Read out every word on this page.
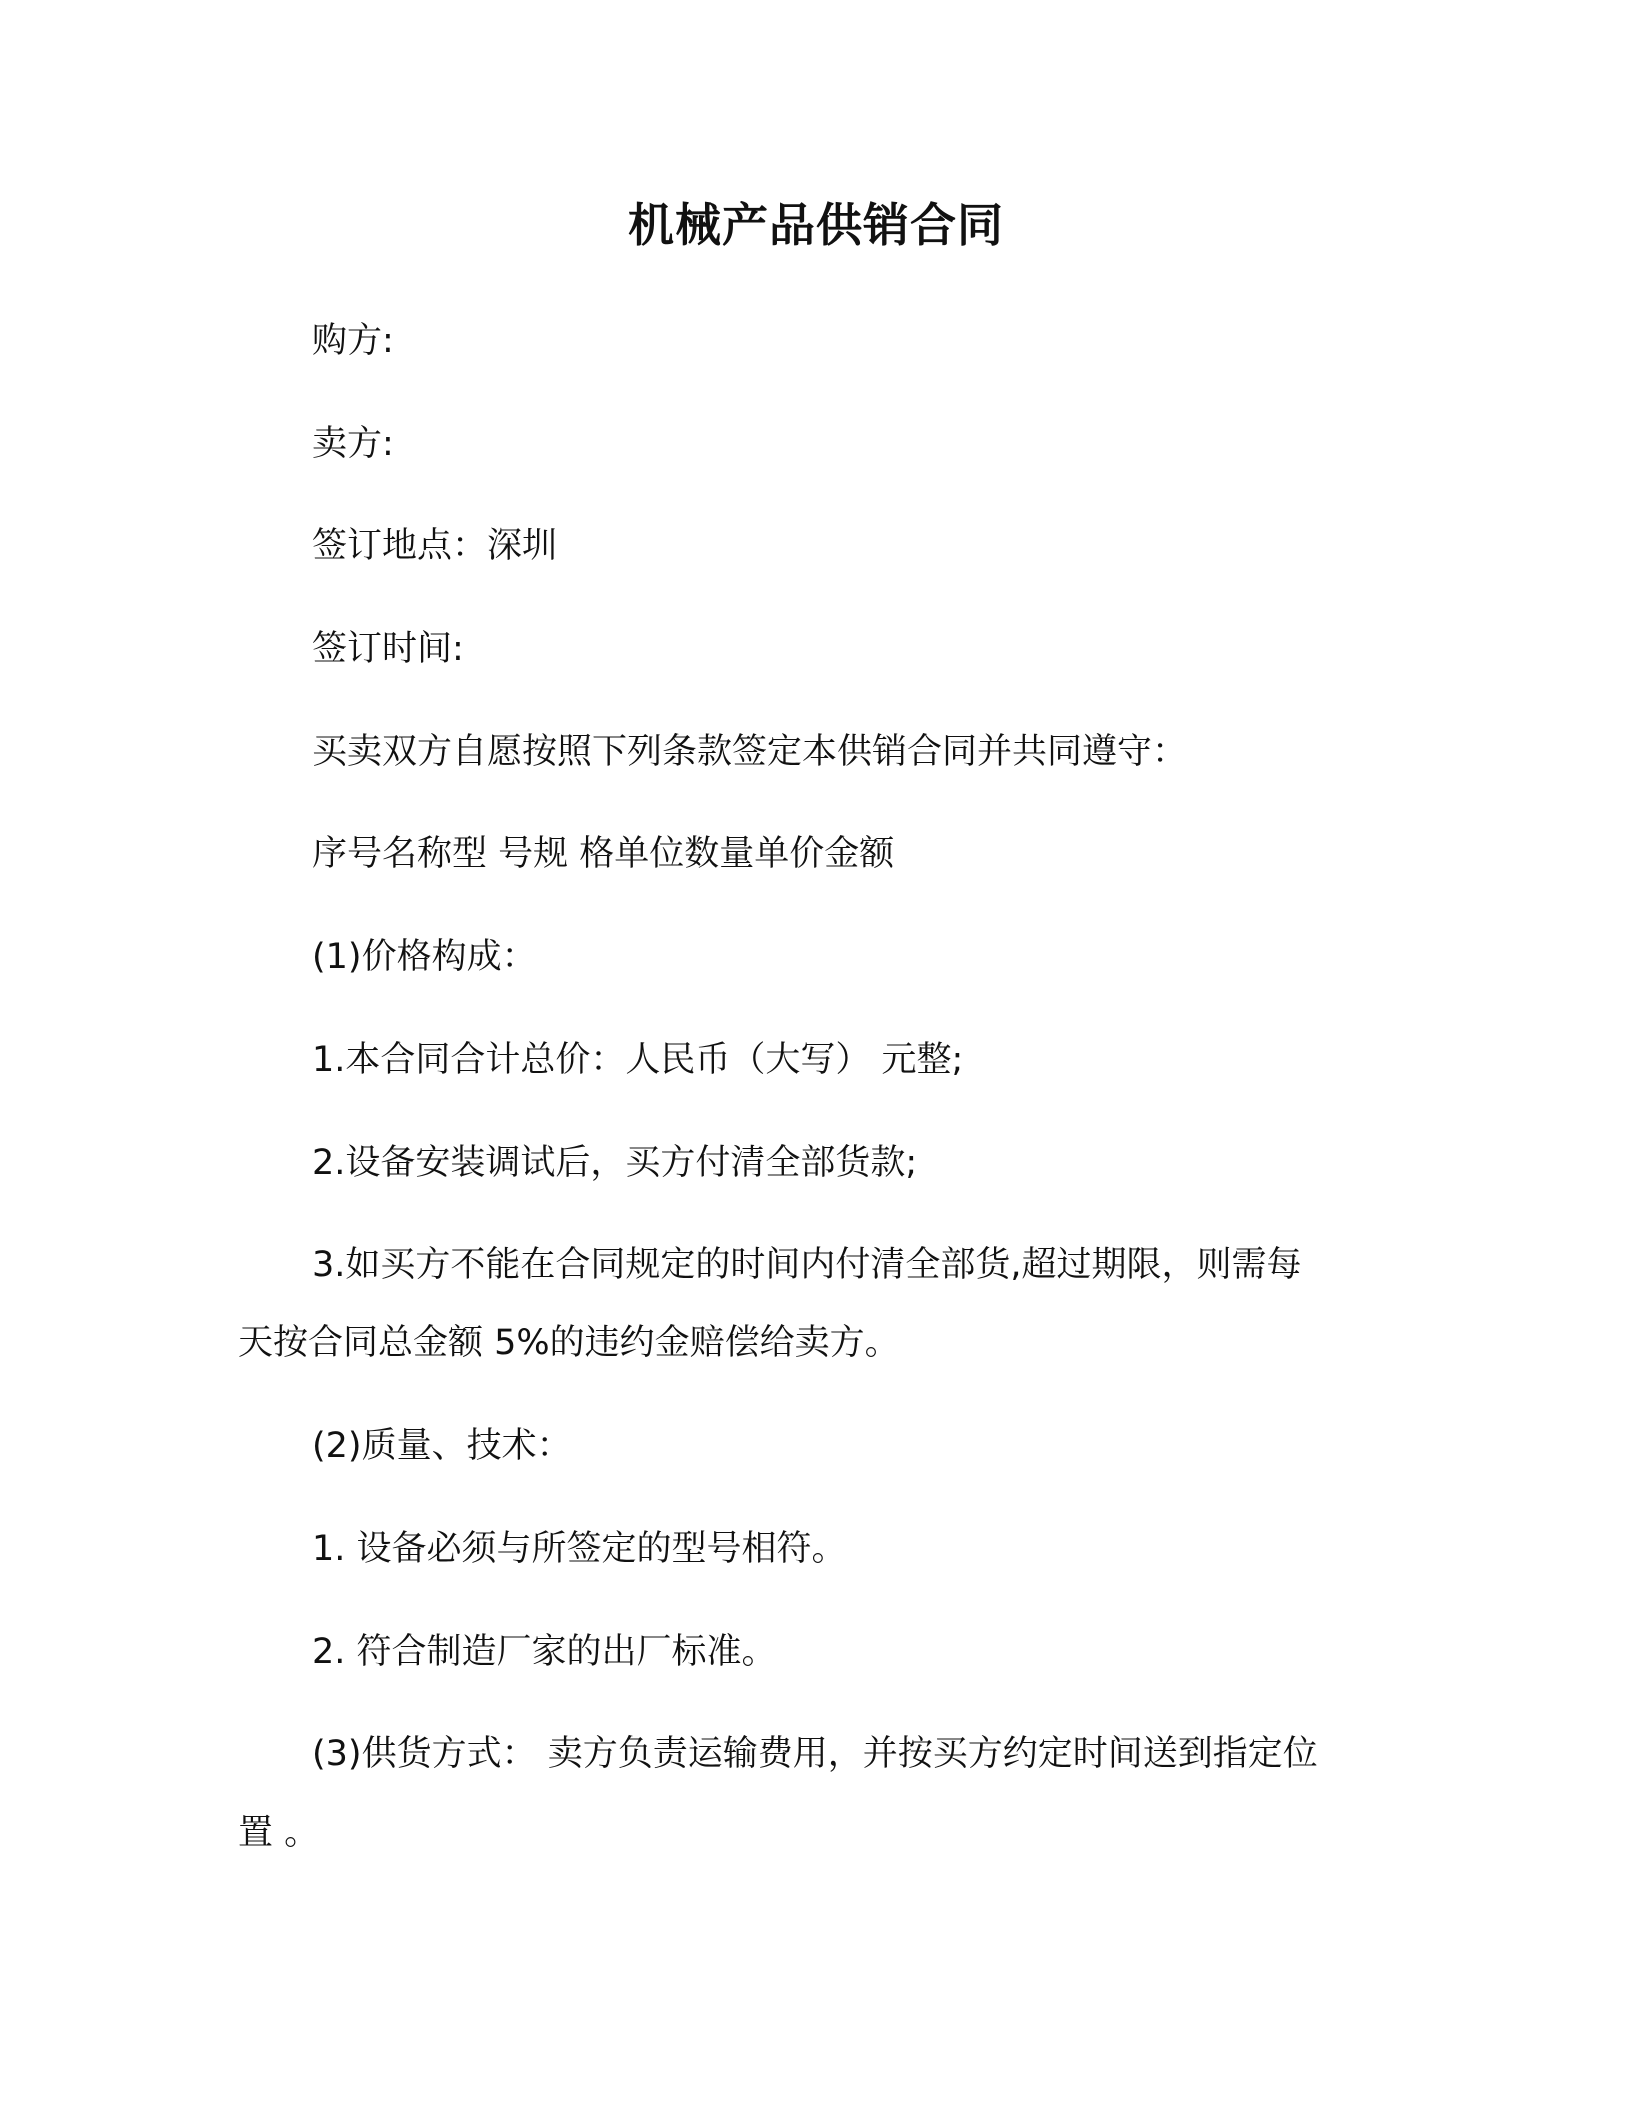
机械产品供销合同
购方:
卖方:
签订地点：深圳
签订时间:
买卖双方自愿按照下列条款签定本供销合同并共同遵守：
序号名称型 号规 格单位数量单价金额
(1)价格构成：
1.本合同合计总价：人民币（大写） 元整;
2.设备安装调试后，买方付清全部货款;
3.如买方不能在合同规定的时间内付清全部货,超过期限，则需每
天按合同总金额 5%的违约金赔偿给卖方。
(2)质量、技术：
1. 设备必须与所签定的型号相符。
2. 符合制造厂家的出厂标准。
(3)供货方式： 卖方负责运输费用，并按买方约定时间送到指定位
置 。
